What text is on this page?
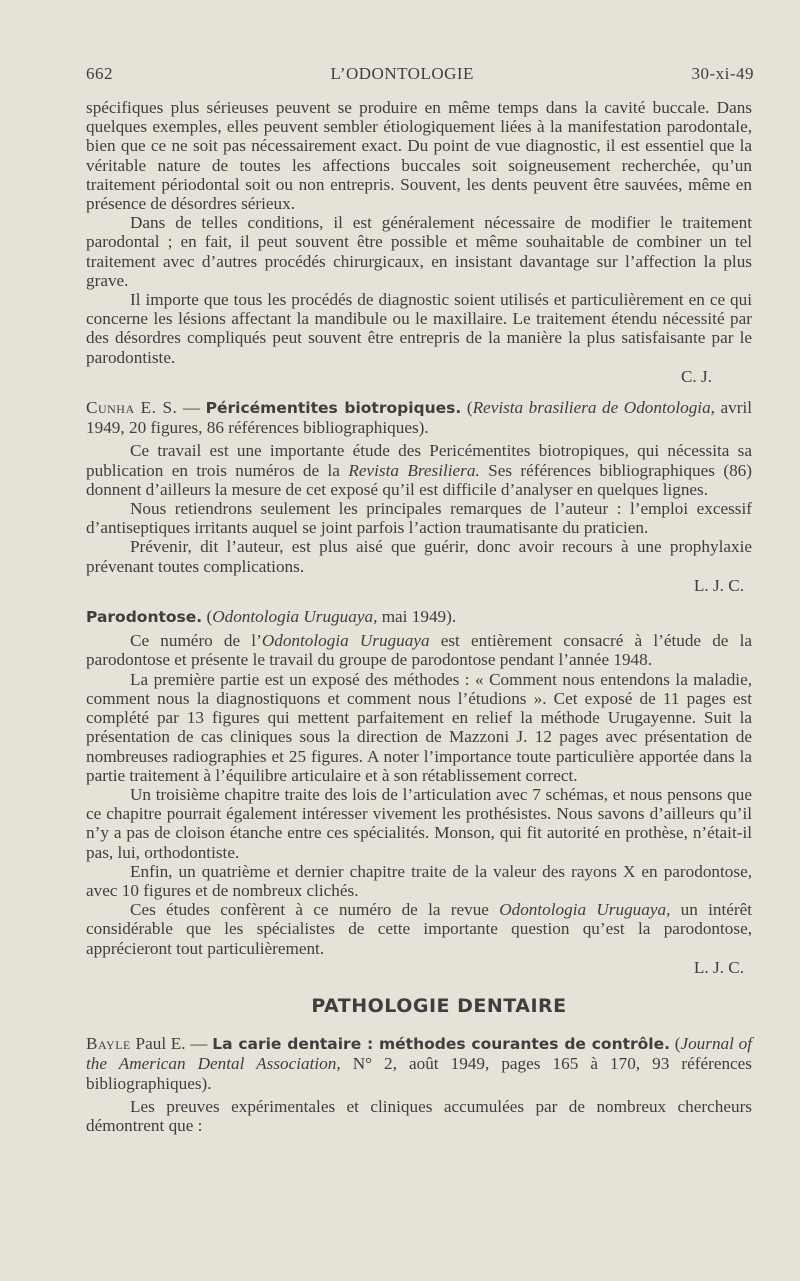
662	L’ODONTOLOGIE	30-xi-49

spécifiques plus sérieuses peuvent se produire en même temps dans la cavité buccale. Dans quelques exemples, elles peuvent sembler étiologiquement liées à la manifestation parodontale, bien que ce ne soit pas nécessairement exact. Du point de vue diagnostic, il est essentiel que la véritable nature de toutes les affections buccales soit soigneusement recherchée, qu’un traitement périodontal soit ou non entrepris. Souvent, les dents peuvent être sauvées, même en présence de désordres sérieux.

Dans de telles conditions, il est généralement nécessaire de modifier le traitement parodontal ; en fait, il peut souvent être possible et même souhaitable de combiner un tel traitement avec d’autres procédés chirurgicaux, en insistant davantage sur l’affection la plus grave.

Il importe que tous les procédés de diagnostic soient utilisés et particulièrement en ce qui concerne les lésions affectant la mandibule ou le maxillaire. Le traitement étendu nécessité par des désordres compliqués peut souvent être entrepris de la manière la plus satisfaisante par le parodontiste.

C. J.

Cunha E. S. — Péricémentites biotropiques. (Revista brasiliera de Odontologia, avril 1949, 20 figures, 86 références bibliographiques).

Ce travail est une importante étude des Pericémentites biotropiques, qui nécessita sa publication en trois numéros de la Revista Bresiliera. Ses références bibliographiques (86) donnent d’ailleurs la mesure de cet exposé qu’il est difficile d’analyser en quelques lignes.

Nous retiendrons seulement les principales remarques de l’auteur : l’emploi excessif d’antiseptiques irritants auquel se joint parfois l’action traumatisante du praticien.

Prévenir, dit l’auteur, est plus aisé que guérir, donc avoir recours à une prophylaxie prévenant toutes complications.

L. J. C.

Parodontose. (Odontologia Uruguaya, mai 1949).

Ce numéro de l’Odontologia Uruguaya est entièrement consacré à l’étude de la parodontose et présente le travail du groupe de parodontose pendant l’année 1948.

La première partie est un exposé des méthodes : « Comment nous entendons la maladie, comment nous la diagnostiquons et comment nous l’étudions ». Cet exposé de 11 pages est complété par 13 figures qui mettent parfaitement en relief la méthode Urugayenne. Suit la présentation de cas cliniques sous la direction de Mazzoni J. 12 pages avec présentation de nombreuses radiographies et 25 figures. A noter l’importance toute particulière apportée dans la partie traitement à l’équilibre articulaire et à son rétablissement correct.

Un troisième chapitre traite des lois de l’articulation avec 7 schémas, et nous pensons que ce chapitre pourrait également intéresser vivement les prothésistes. Nous savons d’ailleurs qu’il n’y a pas de cloison étanche entre ces spécialités. Monson, qui fit autorité en prothèse, n’était-il pas, lui, orthodontiste.

Enfin, un quatrième et dernier chapitre traite de la valeur des rayons X en parodontose, avec 10 figures et de nombreux clichés.

Ces études confèrent à ce numéro de la revue Odontologia Uruguaya, un intérêt considérable que les spécialistes de cette importante question qu’est la parodontose, apprécieront tout particulièrement.

L. J. C.
PATHOLOGIE DENTAIRE

Bayle Paul E. — La carie dentaire : méthodes courantes de contrôle. (Journal of the American Dental Association, N° 2, août 1949, pages 165 à 170, 93 références bibliographiques).

Les preuves expérimentales et cliniques accumulées par de nombreux chercheurs démontrent que :
